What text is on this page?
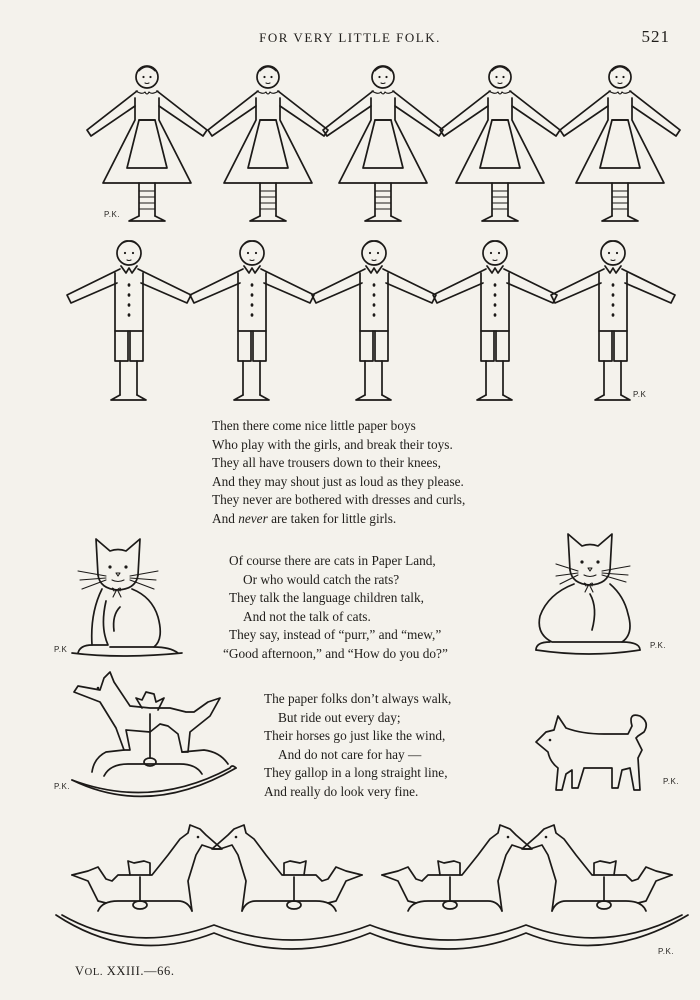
FOR VERY LITTLE FOLK.	521
P.K.
P.K
Then there come nice little paper boys
Who play with the girls, and break their toys.
They all have trousers down to their knees,
And they may shout just as loud as they please.
They never are bothered with dresses and curls,
And never are taken for little girls.
P.K	P.K.
Of course there are cats in Paper Land,
Or who would catch the rats?
They talk the language children talk,
And not the talk of cats.
They say, instead of “purr,” and “mew,”
“Good afternoon,” and “How do you do?”
P.K.
The paper folks don’t always walk,
But ride out every day;
Their horses go just like the wind,
And do not care for hay —
They gallop in a long straight line,
And really do look very fine.
P.K.
P.K.
VOL. XXIII.—66.
